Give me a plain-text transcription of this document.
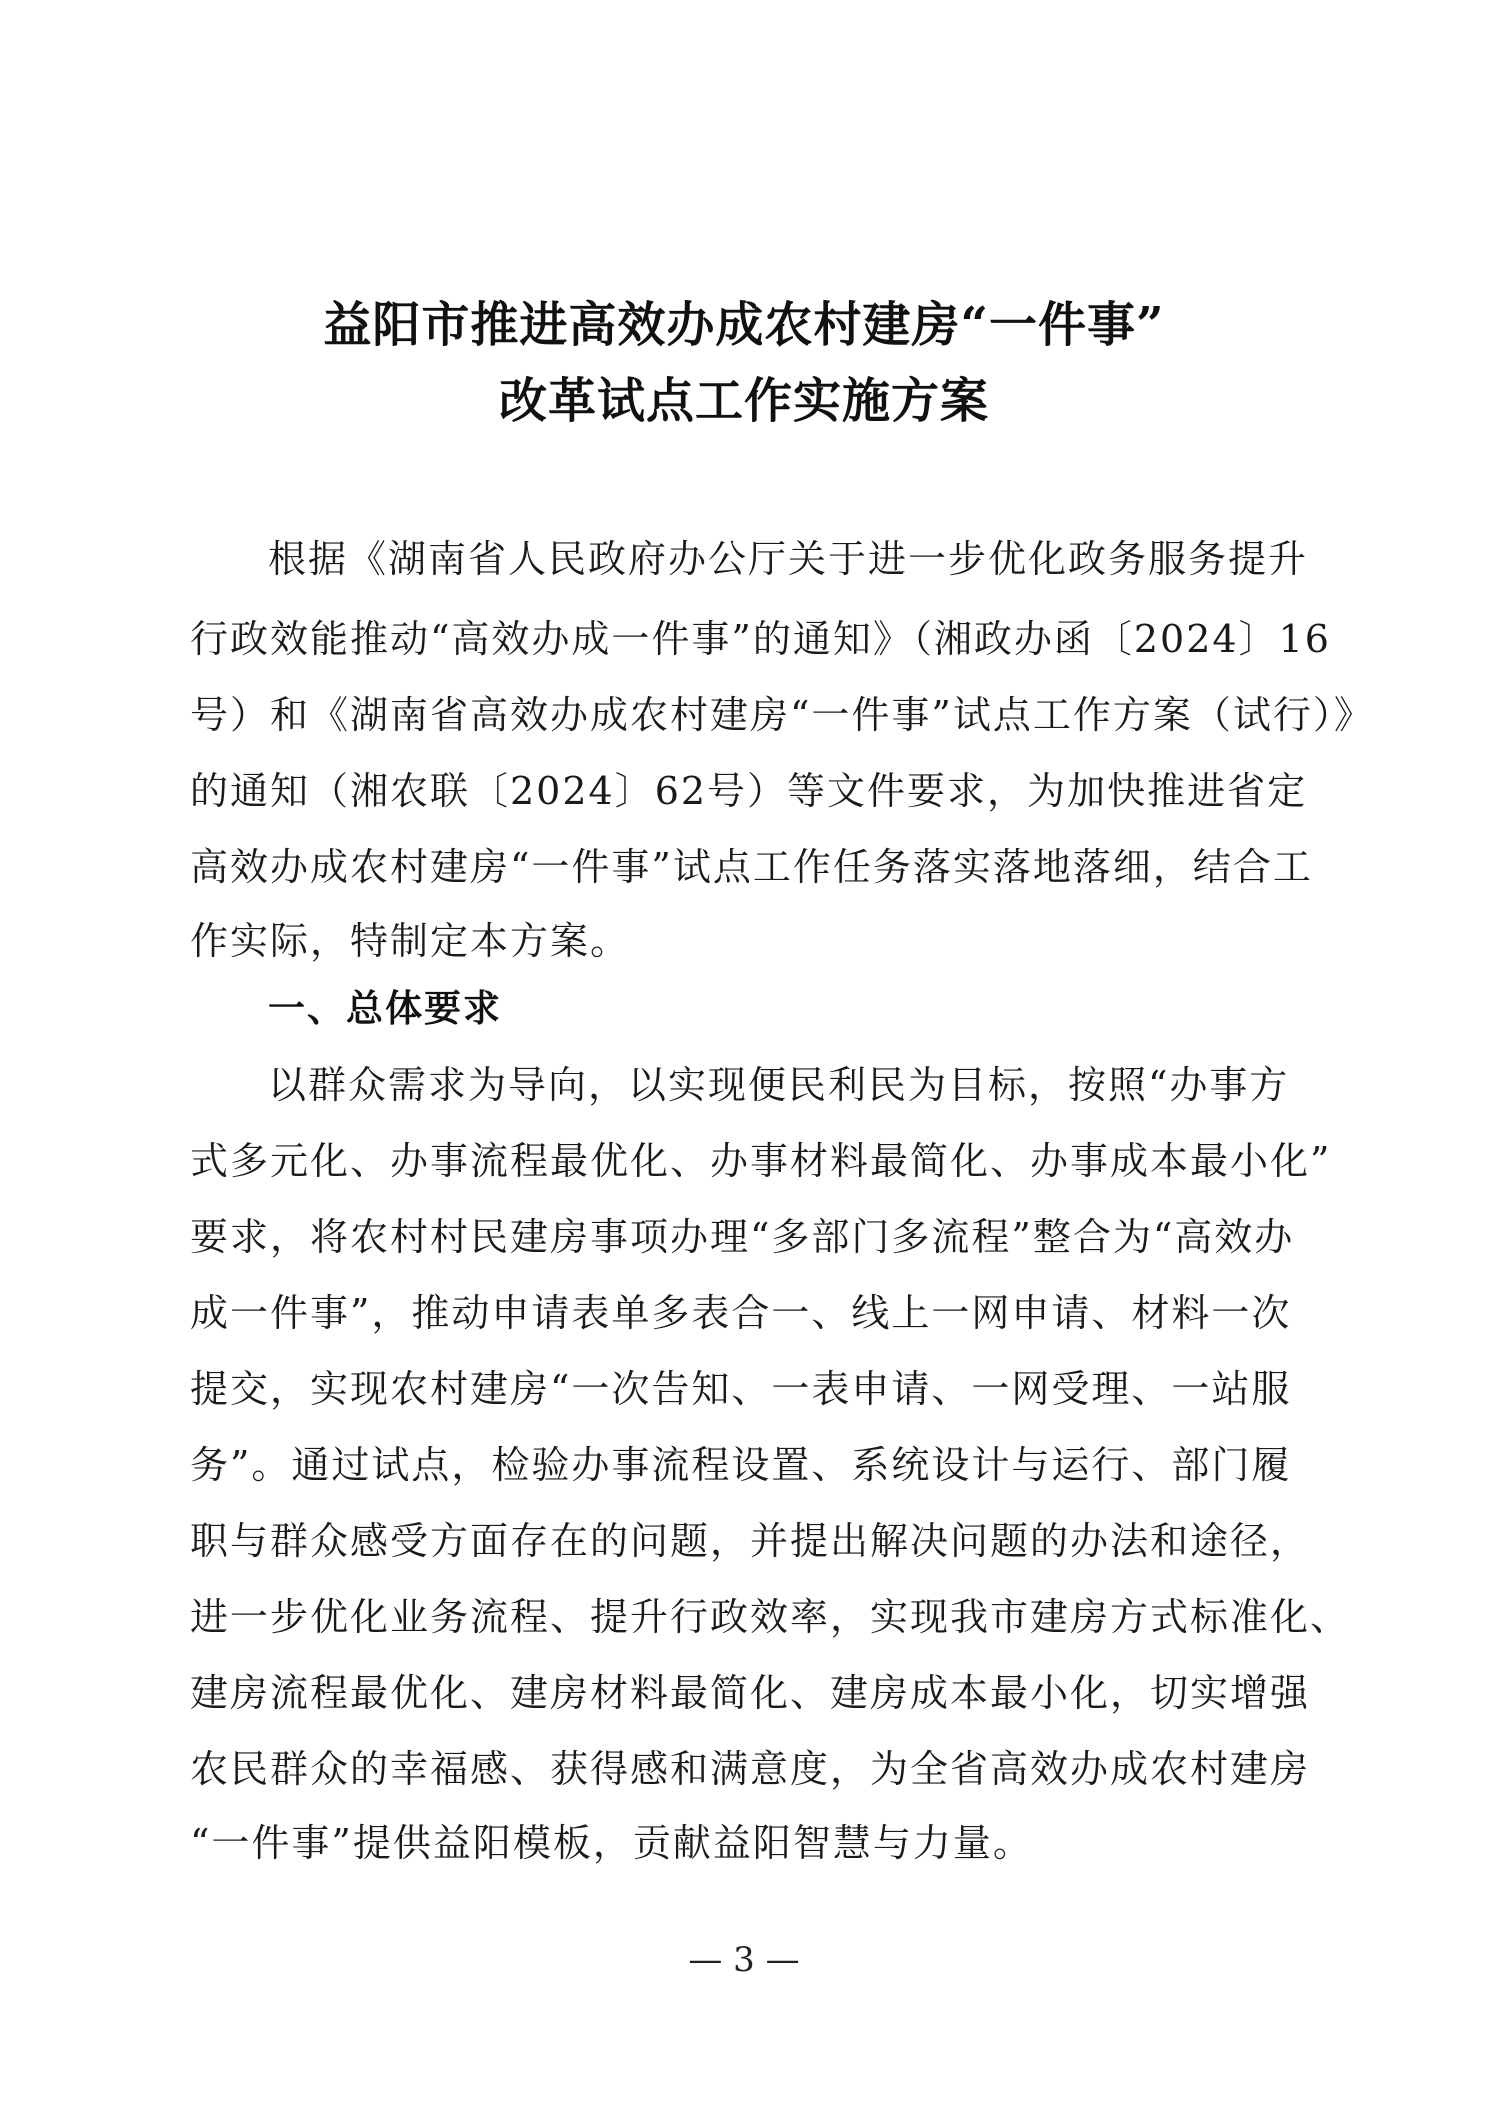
益阳市推进高效办成农村建房“一件事”
改革试点工作实施方案
根据《湖南省人民政府办公厅关于进一步优化政务服务提升
行政效能推动“高效办成一件事”的通知》（湘政办函〔2024〕16
号）和《湖南省高效办成农村建房“一件事”试点工作方案（试行）》
的通知（湘农联〔2024〕62号）等文件要求，为加快推进省定
高效办成农村建房“一件事”试点工作任务落实落地落细，结合工
作实际，特制定本方案。
一、总体要求
以群众需求为导向，以实现便民利民为目标，按照“办事方
式多元化、办事流程最优化、办事材料最简化、办事成本最小化”
要求，将农村村民建房事项办理“多部门多流程”整合为“高效办
成一件事”，推动申请表单多表合一、线上一网申请、材料一次
提交，实现农村建房“一次告知、一表申请、一网受理、一站服
务”。通过试点，检验办事流程设置、系统设计与运行、部门履
职与群众感受方面存在的问题，并提出解决问题的办法和途径，
进一步优化业务流程、提升行政效率，实现我市建房方式标准化、
建房流程最优化、建房材料最简化、建房成本最小化，切实增强
农民群众的幸福感、获得感和满意度，为全省高效办成农村建房
“一件事”提供益阳模板，贡献益阳智慧与力量。
— 3 —
